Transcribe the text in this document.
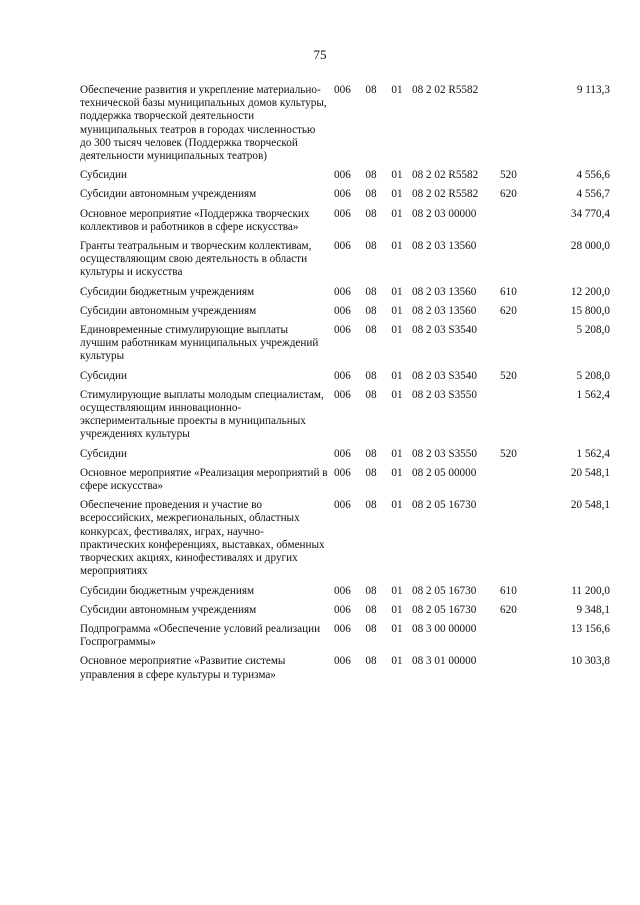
75
Обеспечение развития и укрепление материально-технической базы муниципальных домов культуры, поддержка творческой деятельности муниципальных театров в городах численностью до 300 тысяч человек (Поддержка творческой деятельности муниципальных театров)	006	08	01	08 2 02 R5582		9 113,3
Субсидии	006	08	01	08 2 02 R5582	520	4 556,6
Субсидии автономным учреждениям	006	08	01	08 2 02 R5582	620	4 556,7
Основное мероприятие «Поддержка творческих коллективов и работников в сфере искусства»	006	08	01	08 2 03 00000		34 770,4
Гранты театральным и творческим коллективам, осуществляющим свою деятельность в области культуры и искусства	006	08	01	08 2 03 13560		28 000,0
Субсидии бюджетным учреждениям	006	08	01	08 2 03 13560	610	12 200,0
Субсидии автономным учреждениям	006	08	01	08 2 03 13560	620	15 800,0
Единовременные стимулирующие выплаты лучшим работникам муниципальных учреждений культуры	006	08	01	08 2 03 S3540		5 208,0
Субсидии	006	08	01	08 2 03 S3540	520	5 208,0
Стимулирующие выплаты молодым специалистам, осуществляющим инновационно-экспериментальные проекты в муниципальных учреждениях культуры	006	08	01	08 2 03 S3550		1 562,4
Субсидии	006	08	01	08 2 03 S3550	520	1 562,4
Основное мероприятие «Реализация мероприятий в сфере искусства»	006	08	01	08 2 05 00000		20 548,1
Обеспечение проведения и участие во всероссийских, межрегиональных, областных конкурсах, фестивалях, играх, научно-практических конференциях, выставках, обменных творческих акциях, кинофестивалях и других мероприятиях	006	08	01	08 2 05 16730		20 548,1
Субсидии бюджетным учреждениям	006	08	01	08 2 05 16730	610	11 200,0
Субсидии автономным учреждениям	006	08	01	08 2 05 16730	620	9 348,1
Подпрограмма «Обеспечение условий реализации Госпрограммы»	006	08	01	08 3 00 00000		13 156,6
Основное мероприятие «Развитие системы управления в сфере культуры и туризма»	006	08	01	08 3 01 00000		10 303,8
